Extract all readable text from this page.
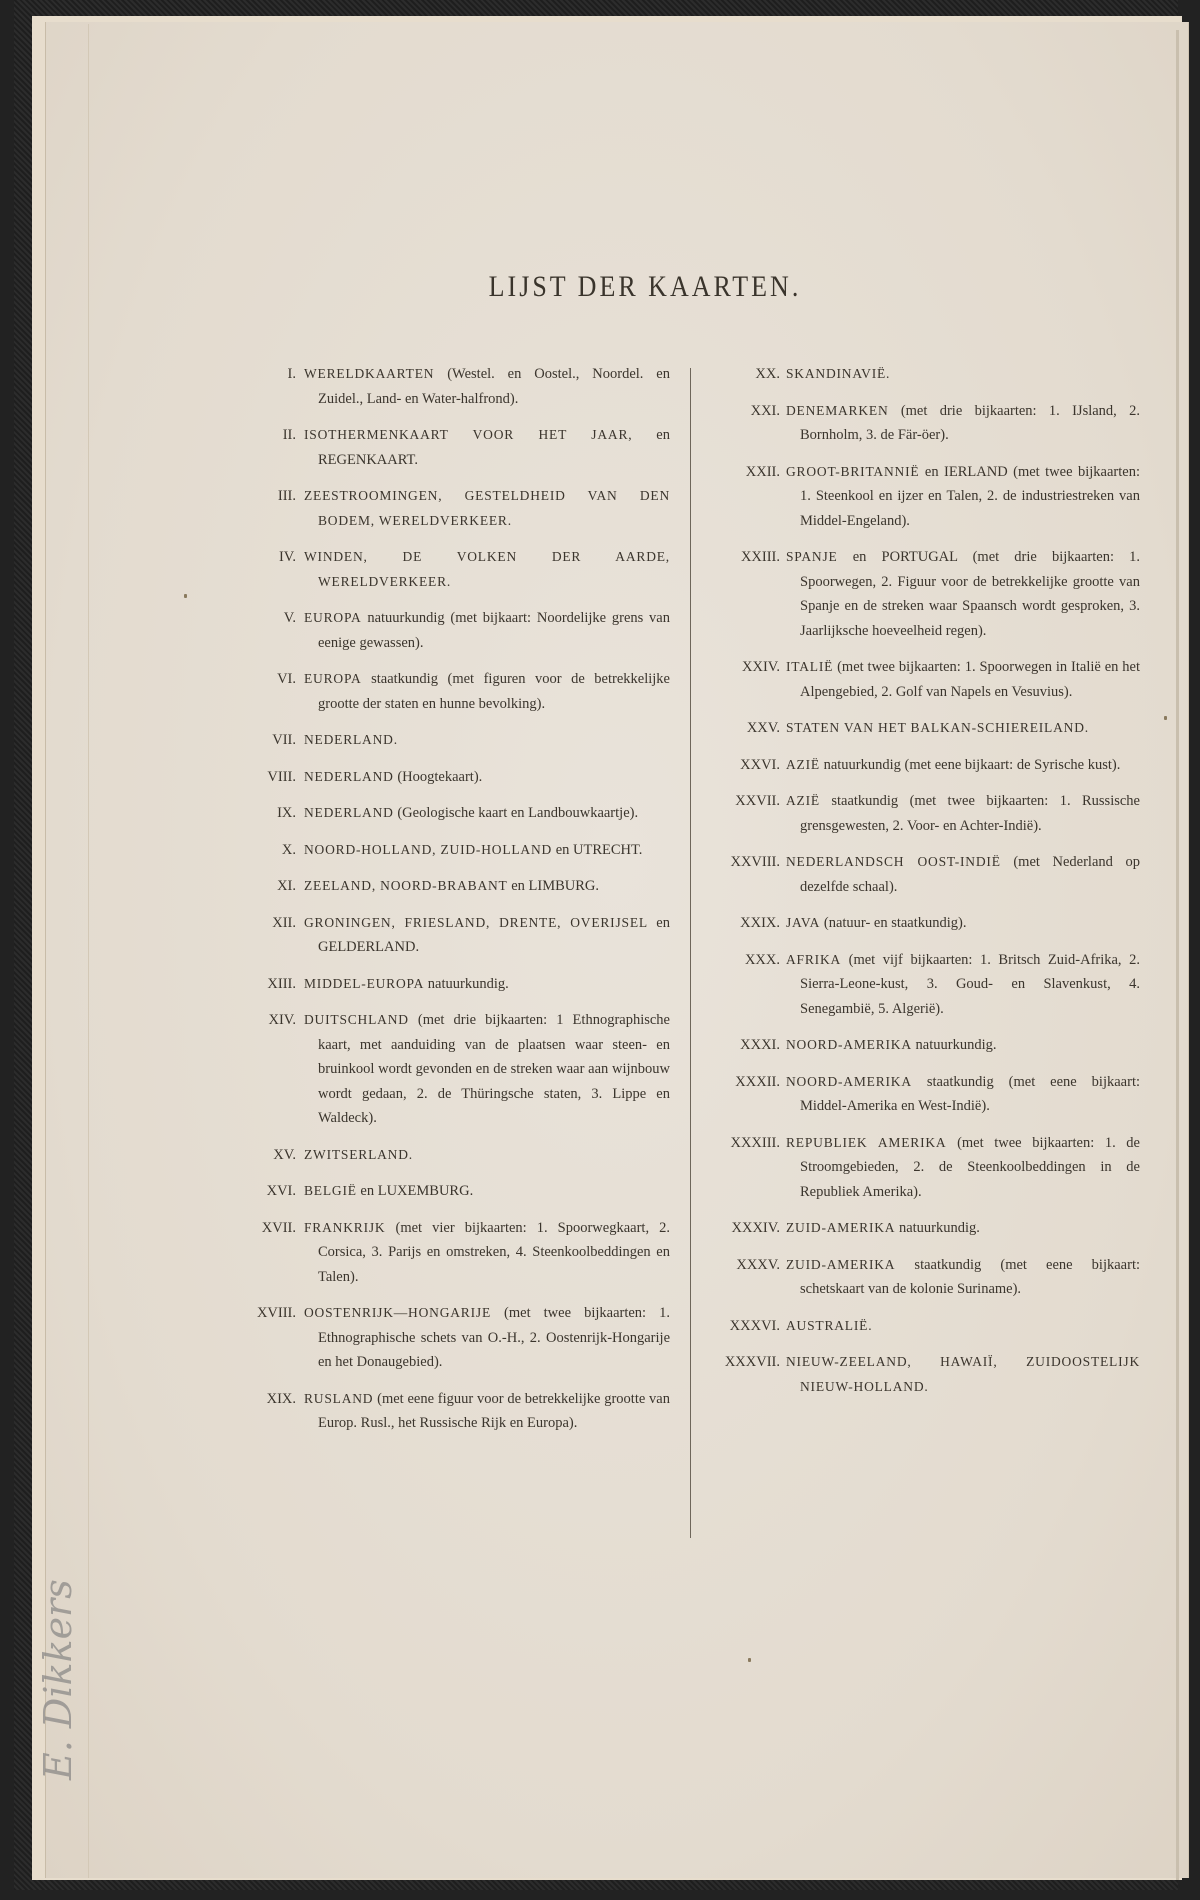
LIJST DER KAARTEN.
I. WERELDKAARTEN (Westel. en Oostel., Noordel. en Zuidel., Land- en Water-halfrond).
II. ISOTHERMENKAART VOOR HET JAAR, en REGENKAART.
III. ZEESTROOMINGEN, GESTELDHEID VAN DEN BODEM, WERELDVERKEER.
IV. WINDEN, DE VOLKEN DER AARDE, WERELDVERKEER.
V. EUROPA natuurkundig (met bijkaart: Noordelijke grens van eenige gewassen).
VI. EUROPA staatkundig (met figuren voor de betrekkelijke grootte der staten en hunne bevolking).
VII. NEDERLAND.
VIII. NEDERLAND (Hoogtekaart).
IX. NEDERLAND (Geologische kaart en Landbouwkaartje).
X. NOORD-HOLLAND, ZUID-HOLLAND en UTRECHT.
XI. ZEELAND, NOORD-BRABANT en LIMBURG.
XII. GRONINGEN, FRIESLAND, DRENTE, OVERIJSEL en GELDERLAND.
XIII. MIDDEL-EUROPA natuurkundig.
XIV. DUITSCHLAND (met drie bijkaarten: 1 Ethnographische kaart, met aanduiding van de plaatsen waar steen- en bruinkool wordt gevonden en de streken waar aan wijnbouw wordt gedaan, 2. de Thüringsche staten, 3. Lippe en Waldeck).
XV. ZWITSERLAND.
XVI. BELGIË en LUXEMBURG.
XVII. FRANKRIJK (met vier bijkaarten: 1. Spoorwegkaart, 2. Corsica, 3. Parijs en omstreken, 4. Steenkoolbeddingen en Talen).
XVIII. OOSTENRIJK—HONGARIJE (met twee bijkaarten: 1. Ethnographische schets van O.-H., 2. Oostenrijk-Hongarije en het Donaugebied).
XIX. RUSLAND (met eene figuur voor de betrekkelijke grootte van Europ. Rusl., het Russische Rijk en Europa).
XX. SKANDINAVIË.
XXI. DENEMARKEN (met drie bijkaarten: 1. IJsland, 2. Bornholm, 3. de Fär-öer).
XXII. GROOT-BRITANNIË en IERLAND (met twee bijkaarten: 1. Steenkool en ijzer en Talen, 2. de industriestreken van Middel-Engeland).
XXIII. SPANJE en PORTUGAL (met drie bijkaarten: 1. Spoorwegen, 2. Figuur voor de betrekkelijke grootte van Spanje en de streken waar Spaansch wordt gesproken, 3. Jaarlijksche hoeveelheid regen).
XXIV. ITALIË (met twee bijkaarten: 1. Spoorwegen in Italië en het Alpengebied, 2. Golf van Napels en Vesuvius).
XXV. STATEN VAN HET BALKAN-SCHIEREILAND.
XXVI. AZIË natuurkundig (met eene bijkaart: de Syrische kust).
XXVII. AZIË staatkundig (met twee bijkaarten: 1. Russische grensgewesten, 2. Voor- en Achter-Indië).
XXVIII. NEDERLANDSCH OOST-INDIË (met Nederland op dezelfde schaal).
XXIX. JAVA (natuur- en staatkundig).
XXX. AFRIKA (met vijf bijkaarten: 1. Britsch Zuid-Afrika, 2. Sierra-Leone-kust, 3. Goud- en Slavenkust, 4. Senegambië, 5. Algerië).
XXXI. NOORD-AMERIKA natuurkundig.
XXXII. NOORD-AMERIKA staatkundig (met eene bijkaart: Middel-Amerika en West-Indië).
XXXIII. REPUBLIEK AMERIKA (met twee bijkaarten: 1. de Stroomgebieden, 2. de Steenkoolbeddingen in de Republiek Amerika).
XXXIV. ZUID-AMERIKA natuurkundig.
XXXV. ZUID-AMERIKA staatkundig (met eene bijkaart: schetskaart van de kolonie Suriname).
XXXVI. AUSTRALIË.
XXXVII. NIEUW-ZEELAND, HAWAIÏ, ZUIDOOSTELIJK NIEUW-HOLLAND.
E. Dikkers
